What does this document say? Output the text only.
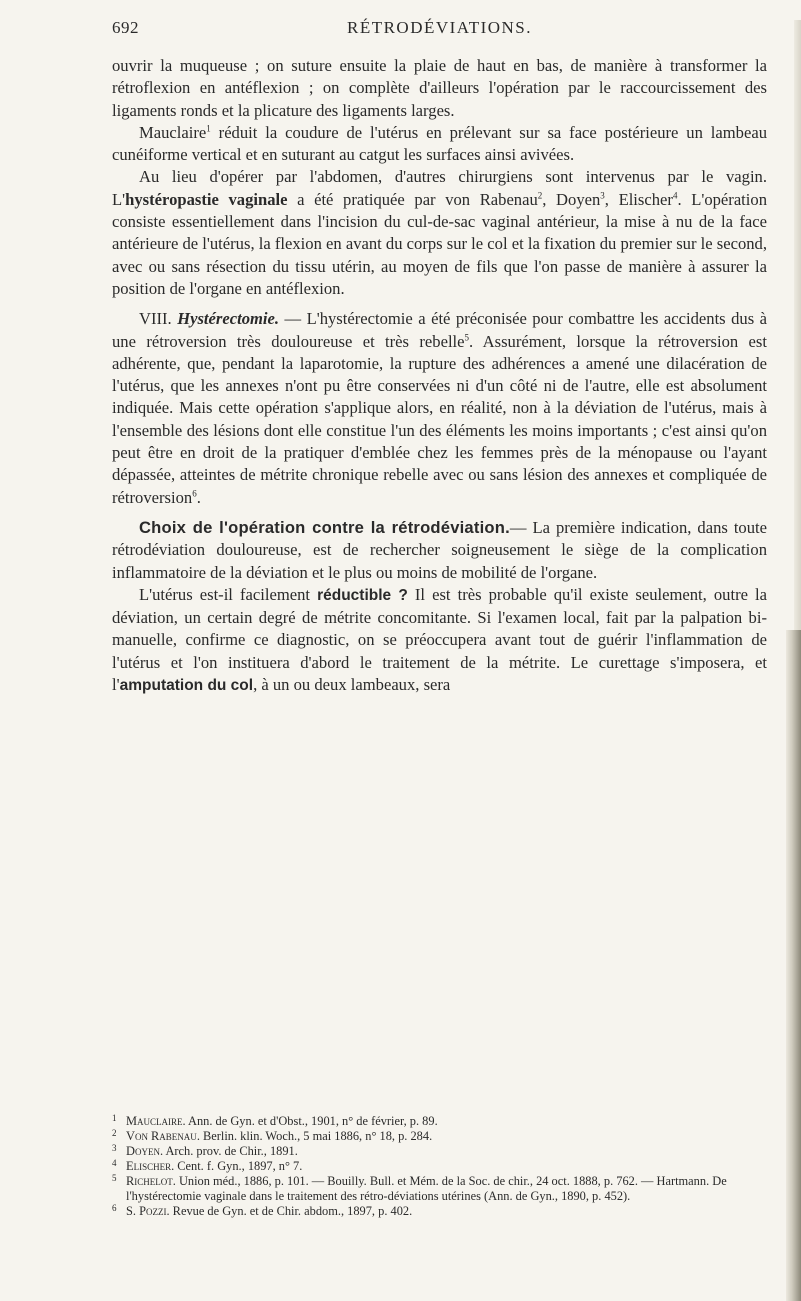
692	RÉTRODÉVIATIONS.

ouvrir la muqueuse ; on suture ensuite la plaie de haut en bas, de manière à transformer la rétroflexion en antéflexion ; on complète d'ailleurs l'opération par le raccourcissement des ligaments ronds et la plicature des ligaments larges.

Mauclaire$^1$ réduit la coudure de l'utérus en prélevant sur sa face postérieure un lambeau cunéiforme vertical et en suturant au catgut les surfaces ainsi avivées.

Au lieu d'opérer par l'abdomen, d'autres chirurgiens sont intervenus par le vagin. L'hystéropastie vaginale a été pratiquée par von Rabenau$^2$, Doyen$^3$, Elischer$^4$. L'opération consiste essentiellement dans l'incision du cul-de-sac vaginal antérieur, la mise à nu de la face antérieure de l'utérus, la flexion en avant du corps sur le col et la fixation du premier sur le second, avec ou sans résection du tissu utérin, au moyen de fils que l'on passe de manière à assurer la position de l'organe en antéflexion.

VIII. Hystérectomie. — L'hystérectomie a été préconisée pour combattre les accidents dus à une rétroversion très douloureuse et très rebelle$^5$. Assurément, lorsque la rétroversion est adhérente, que, pendant la laparotomie, la rupture des adhérences a amené une dilacération de l'utérus, que les annexes n'ont pu être conservées ni d'un côté ni de l'autre, elle est absolument indiquée. Mais cette opération s'applique alors, en réalité, non à la déviation de l'utérus, mais à l'ensemble des lésions dont elle constitue l'un des éléments les moins importants ; c'est ainsi qu'on peut être en droit de la pratiquer d'emblée chez les femmes près de la ménopause ou l'ayant dépassée, atteintes de métrite chronique rebelle avec ou sans lésion des annexes et compliquée de rétroversion$^6$.

Choix de l'opération contre la rétrodéviation.— La première indication, dans toute rétrodéviation douloureuse, est de rechercher soigneusement le siège de la complication inflammatoire de la déviation et le plus ou moins de mobilité de l'organe.

L'utérus est-il facilement réductible ? Il est très probable qu'il existe seulement, outre la déviation, un certain degré de métrite concomitante. Si l'examen local, fait par la palpation bi-manuelle, confirme ce diagnostic, on se préoccupera avant tout de guérir l'inflammation de l'utérus et l'on instituera d'abord le traitement de la métrite. Le curettage s'imposera, et l'amputation du col, à un ou deux lambeaux, sera

1 Mauclaire. Ann. de Gyn. et d'Obst., 1901, n° de février, p. 89.

2 Von Rabenau. Berlin. klin. Woch., 5 mai 1886, n° 18, p. 284.

3 Doyen. Arch. prov. de Chir., 1891.

4 Elischer. Cent. f. Gyn., 1897, n° 7.

5 Richelot. Union méd., 1886, p. 101. — Bouilly. Bull. et Mém. de la Soc. de chir., 24 oct. 1888, p. 762. — Hartmann. De l'hystérectomie vaginale dans le traitement des rétro-déviations utérines (Ann. de Gyn., 1890, p. 452).

6 S. Pozzi. Revue de Gyn. et de Chir. abdom., 1897, p. 402.
